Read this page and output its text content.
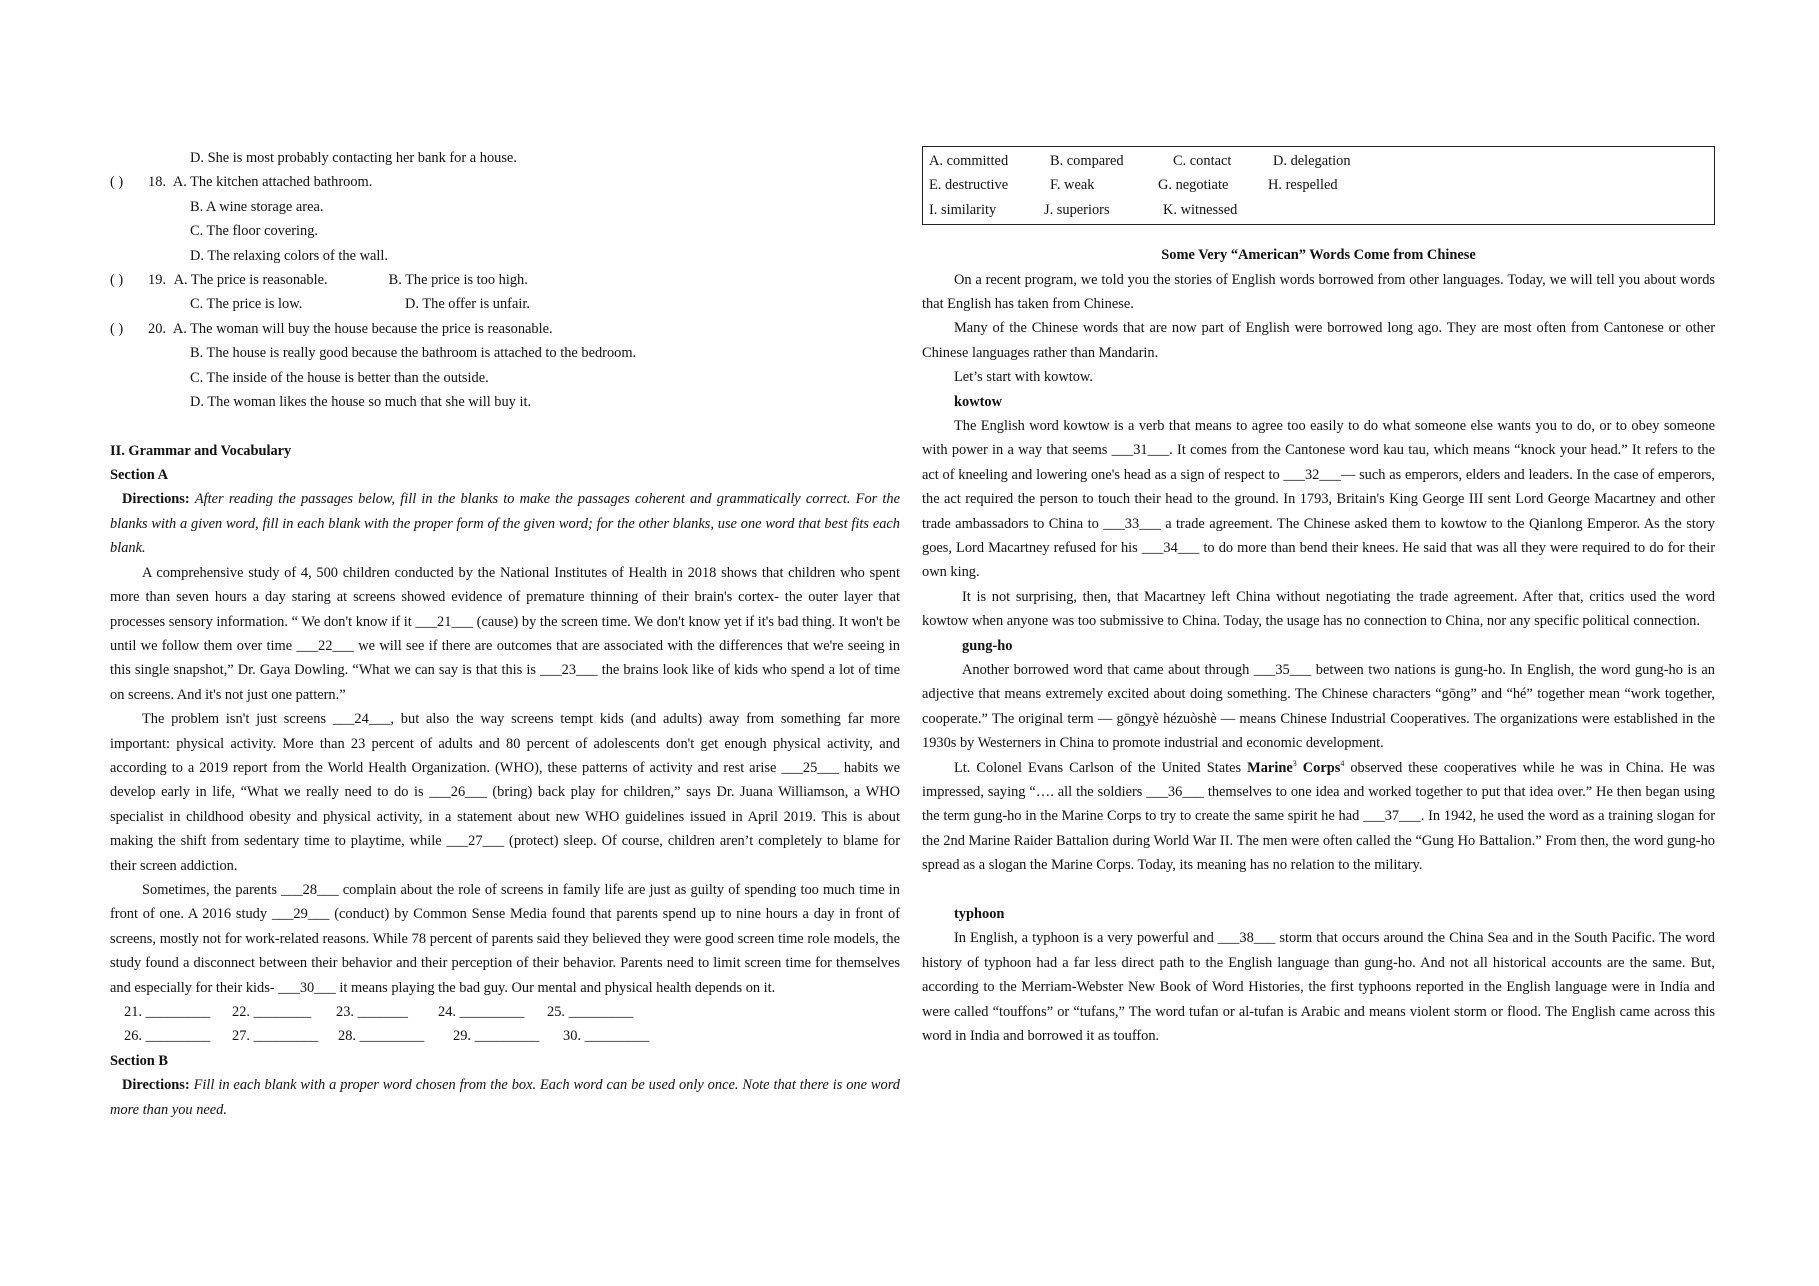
D. She is most probably contacting her bank for a house.
( ) 18. A. The kitchen attached bathroom.
B. A wine storage area.
C. The floor covering.
D. The relaxing colors of the wall.
( ) 19. A. The price is reasonable.	B. The price is too high.
C. The price is low.	D. The offer is unfair.
( ) 20. A. The woman will buy the house because the price is reasonable.
B. The house is really good because the bathroom is attached to the bedroom.
C. The inside of the house is better than the outside.
D. The woman likes the house so much that she will buy it.
II. Grammar and Vocabulary
Section A

Directions: After reading the passages below, fill in the blanks to make the passages coherent and grammatically correct. For the blanks with a given word, fill in each blank with the proper form of the given word; for the other blanks, use one word that best fits each blank.

A comprehensive study of 4, 500 children conducted by the National Institutes of Health in 2018 shows that children who spent more than seven hours a day staring at screens showed evidence of premature thinning of their brain's cortex- the outer layer that processes sensory information. “ We don't know if it ___21___ (cause) by the screen time. We don't know yet if it's bad thing. It won't be until we follow them over time ___22___ we will see if there are outcomes that are associated with the differences that we're seeing in this single snapshot,” Dr. Gaya Dowling. “What we can say is that this is ___23___ the brains look like of kids who spend a lot of time on screens. And it's not just one pattern.”

The problem isn't just screens ___24___, but also the way screens tempt kids (and adults) away from something far more important: physical activity. More than 23 percent of adults and 80 percent of adolescents don't get enough physical activity, and according to a 2019 report from the World Health Organization. (WHO), these patterns of activity and rest arise ___25___ habits we develop early in life, “What we really need to do is ___26___ (bring) back play for children,” says Dr. Juana Williamson, a WHO specialist in childhood obesity and physical activity, in a statement about new WHO guidelines issued in April 2019. This is about making the shift from sedentary time to playtime, while ___27___ (protect) sleep. Of course, children aren’t completely to blame for their screen addiction.

Sometimes, the parents ___28___ complain about the role of screens in family life are just as guilty of spending too much time in front of one. A 2016 study ___29___ (conduct) by Common Sense Media found that parents spend up to nine hours a day in front of screens, mostly not for work-related reasons. While 78 percent of parents said they believed they were good screen time role models, the study found a disconnect between their behavior and their perception of their behavior. Parents need to limit screen time for themselves and especially for their kids- ___30___ it means playing the bad guy. Our mental and physical health depends on it.

21. _________ 22. ________ 23. _______ 24. _________ 25. _________
26. _________ 27. _________ 28. _________ 29. _________ 30. _________
Section B

Directions: Fill in each blank with a proper word chosen from the box. Each word can be used only once. Note that there is one word more than you need.

A. committed	B. compared	C. contact	D. delegation
E. destructive	F. weak	G. negotiate	H. respelled
I. similarity	J. superiors	K. witnessed
Some Very “American” Words Come from Chinese

On a recent program, we told you the stories of English words borrowed from other languages. Today, we will tell you about words that English has taken from Chinese.

Many of the Chinese words that are now part of English were borrowed long ago. They are most often from Cantonese or other Chinese languages rather than Mandarin.

Let’s start with kowtow.

kowtow

The English word kowtow is a verb that means to agree too easily to do what someone else wants you to do, or to obey someone with power in a way that seems ___31___. It comes from the Cantonese word kau tau, which means “knock your head.” It refers to the act of kneeling and lowering one's head as a sign of respect to ___32___— such as emperors, elders and leaders. In the case of emperors, the act required the person to touch their head to the ground. In 1793, Britain's King George III sent Lord George Macartney and other trade ambassadors to China to ___33___ a trade agreement. The Chinese asked them to kowtow to the Qianlong Emperor. As the story goes, Lord Macartney refused for his ___34___ to do more than bend their knees. He said that was all they were required to do for their own king.

It is not surprising, then, that Macartney left China without negotiating the trade agreement. After that, critics used the word kowtow when anyone was too submissive to China. Today, the usage has no connection to China, nor any specific political connection.

gung-ho

Another borrowed word that came about through ___35___ between two nations is gung-ho. In English, the word gung-ho is an adjective that means extremely excited about doing something. The Chinese characters “gōng” and “hé” together mean “work together, cooperate.” The original term — gōngyè hézuòshè — means Chinese Industrial Cooperatives. The organizations were established in the 1930s by Westerners in China to promote industrial and economic development.

Lt. Colonel Evans Carlson of the United States Marine$^3$ Corps$^4$ observed these cooperatives while he was in China. He was impressed, saying “…. all the soldiers ___36___ themselves to one idea and worked together to put that idea over.” He then began using the term gung-ho in the Marine Corps to try to create the same spirit he had ___37___. In 1942, he used the word as a training slogan for the 2nd Marine Raider Battalion during World War II. The men were often called the “Gung Ho Battalion.” From then, the word gung-ho spread as a slogan the Marine Corps. Today, its meaning has no relation to the military.

typhoon

In English, a typhoon is a very powerful and ___38___ storm that occurs around the China Sea and in the South Pacific. The word history of typhoon had a far less direct path to the English language than gung-ho. And not all historical accounts are the same. But, according to the Merriam-Webster New Book of Word Histories, the first typhoons reported in the English language were in India and were called “touffons” or “tufans,” The word tufan or al-tufan is Arabic and means violent storm or flood. The English came across this word in India and borrowed it as touffon.
